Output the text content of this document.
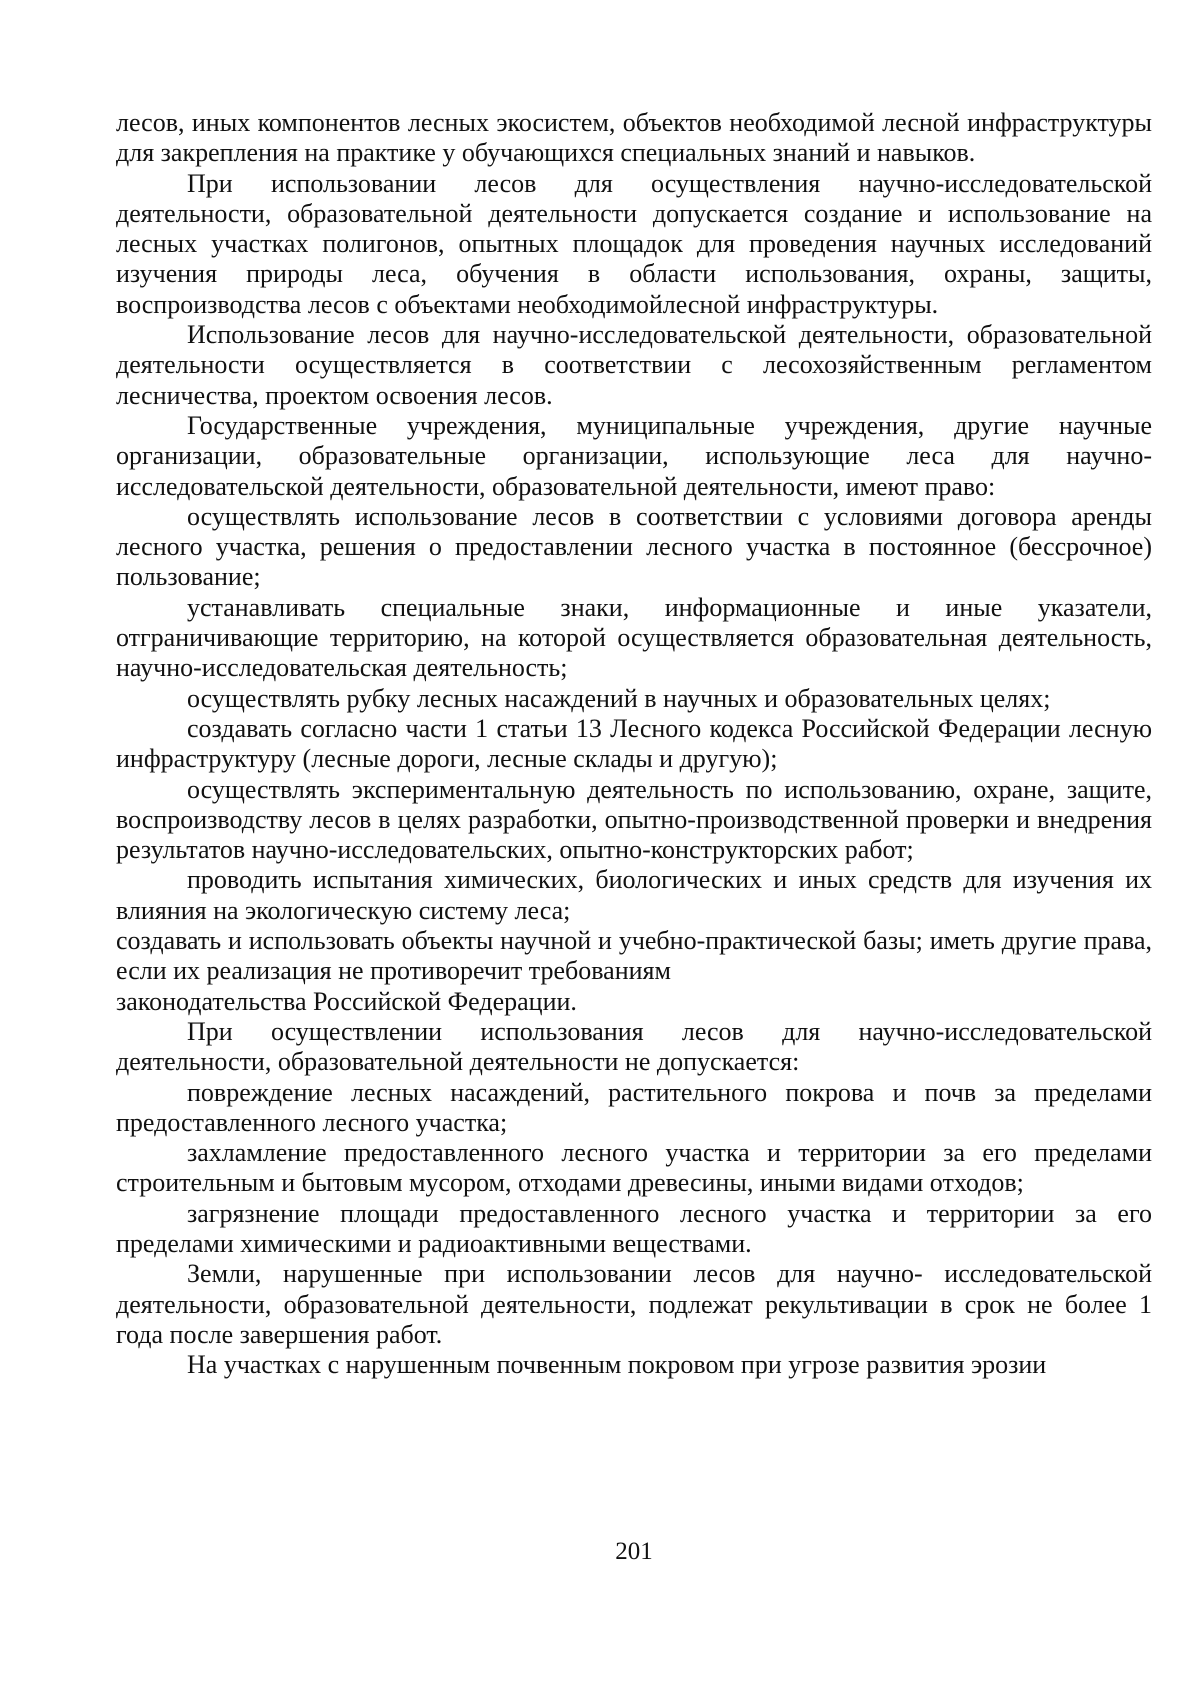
лесов, иных компонентов лесных экосистем, объектов необходимой лесной инфраструктуры для закрепления на практике у обучающихся специальных знаний и навыков.

При использовании лесов для осуществления научно-исследовательской деятельности, образовательной деятельности допускается создание и использование на лесных участках полигонов, опытных площадок для проведения научных исследований изучения природы леса, обучения в области использования, охраны, защиты, воспроизводства лесов с объектами необходимойлесной инфраструктуры.

Использование лесов для научно-исследовательской деятельности, образовательной деятельности осуществляется в соответствии с лесохозяйственным регламентом лесничества, проектом освоения лесов.

Государственные учреждения, муниципальные учреждения, другие научные организации, образовательные организации, использующие леса для научно-исследовательской деятельности, образовательной деятельности, имеют право:

осуществлять использование лесов в соответствии с условиями договора аренды лесного участка, решения о предоставлении лесного участка в постоянное (бессрочное) пользование;

устанавливать специальные знаки, информационные и иные указатели, отграничивающие территорию, на которой осуществляется образовательная деятельность, научно-исследовательская деятельность;

осуществлять рубку лесных насаждений в научных и образовательных целях;

создавать согласно части 1 статьи 13 Лесного кодекса Российской Федерации лесную инфраструктуру (лесные дороги, лесные склады и другую);

осуществлять экспериментальную деятельность по использованию, охране, защите, воспроизводству лесов в целях разработки, опытно-производственной проверки и внедрения результатов научно-исследовательских, опытно-конструкторских работ;

проводить испытания химических, биологических и иных средств для изучения их влияния на экологическую систему леса;

создавать и использовать объекты научной и учебно-практической базы; иметь другие права, если их реализация не противоречит требованиям

законодательства Российской Федерации.

При осуществлении использования лесов для научно-исследовательской деятельности, образовательной деятельности не допускается:

повреждение лесных насаждений, растительного покрова и почв за пределами предоставленного лесного участка;

захламление предоставленного лесного участка и территории за его пределами строительным и бытовым мусором, отходами древесины, иными видами отходов;

загрязнение площади предоставленного лесного участка и территории за его пределами химическими и радиоактивными веществами.

Земли, нарушенные при использовании лесов для научно- исследовательской деятельности, образовательной деятельности, подлежат рекультивации в срок не более 1 года после завершения работ.

На участках с нарушенным почвенным покровом при угрозе развития эрозии

201
